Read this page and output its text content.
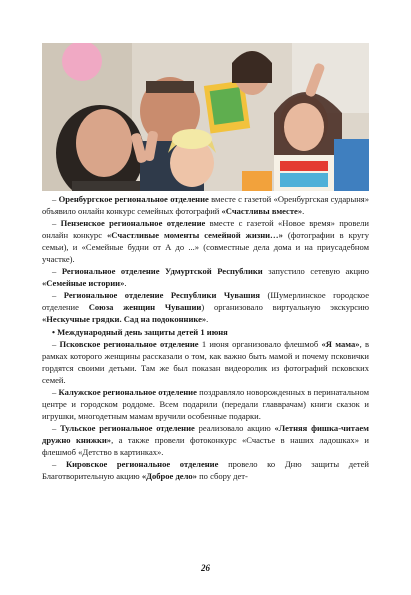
– Оренбургское региональное отделение вместе с газетой «Оренбургская сударыня» объявило онлайн конкурс семейных фотографий «Счастливы вместе».

– Пензенское региональное отделение вместе с газетой «Новое время» провели онлайн конкурс «Счастливые моменты семейной жизни…» (фотографии в кругу семьи), и «Семейные будни от А до ...» (совместные дела дома и на приусадебном участке).

– Региональное отделение Удмуртской Республики запустило сетевую акцию «Семейные истории».

– Региональное отделение Республики Чувашия (Шумерлинское городское отделение Союза женщин Чувашии) организовало виртуальную экскурсию «Нескучные грядки. Сад на подоконнике».

• Международный день защиты детей 1 июня

– Псковское региональное отделение 1 июня организовало флешмоб «Я мама», в рамках которого женщины рассказали о том, как важно быть мамой и почему псковички гордятся своими детьми. Там же был показан видеоролик из фотографий псковских семей.

– Калужское региональное отделение поздравляло новорожденных в перинатальном центре и городском роддоме. Всем подарили (передали главврачам) книги сказок и игрушки, многодетным мамам вручили особенные подарки.

– Тульское региональное отделение реализовало акцию «Летняя фишка-читаем дружно книжки», а также провели фотоконкурс «Счастье в наших ладошках» и флешмоб «Детство в картинках».

– Кировское региональное отделение провело ко Дню защиты детей Благотворительную акцию «Доброе дело» по сбору дет-

26
